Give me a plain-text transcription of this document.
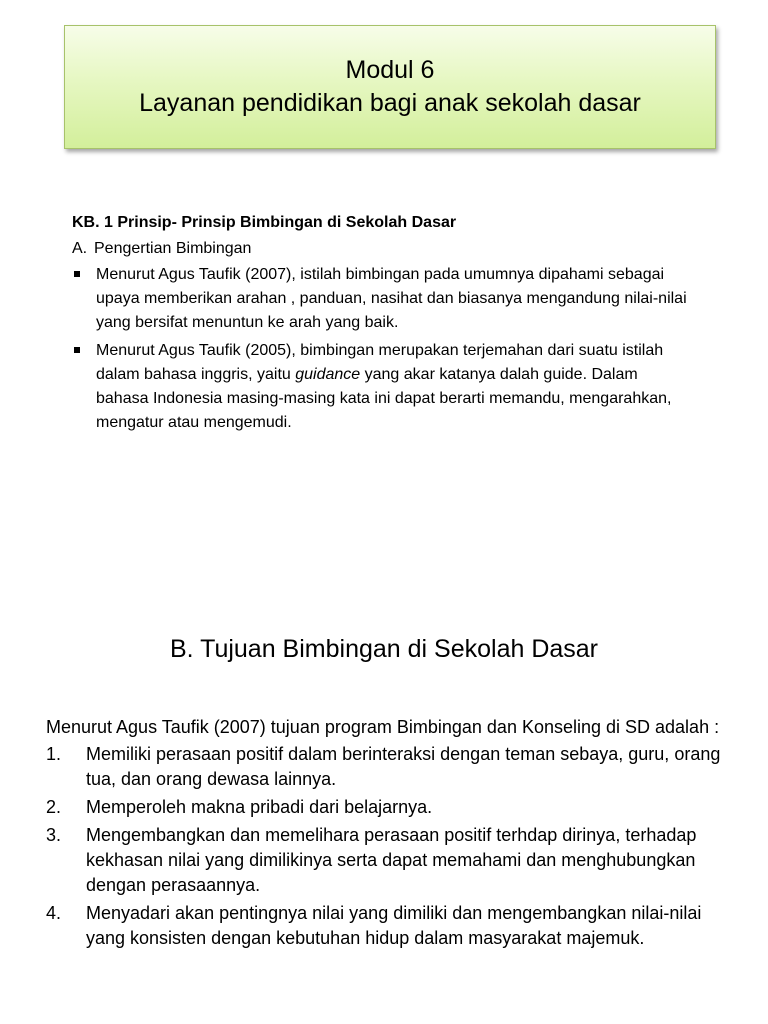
Modul 6
Layanan pendidikan bagi anak sekolah dasar
KB. 1 Prinsip- Prinsip Bimbingan di Sekolah Dasar
A. Pengertian Bimbingan
Menurut Agus Taufik (2007), istilah bimbingan pada umumnya dipahami sebagai upaya memberikan arahan , panduan, nasihat dan biasanya mengandung nilai-nilai yang bersifat menuntun ke arah yang baik.
Menurut Agus Taufik (2005), bimbingan merupakan terjemahan dari suatu istilah dalam bahasa inggris, yaitu guidance yang akar katanya dalah guide. Dalam bahasa Indonesia masing-masing kata ini dapat berarti memandu, mengarahkan, mengatur atau mengemudi.
B. Tujuan Bimbingan di Sekolah Dasar
Menurut Agus Taufik (2007) tujuan program Bimbingan dan Konseling di SD adalah :
1.	Memiliki perasaan positif dalam berinteraksi dengan teman sebaya, guru, orang tua, dan orang dewasa lainnya.
2.	Memperoleh makna pribadi dari belajarnya.
3.	Mengembangkan dan memelihara perasaan positif terhdap dirinya, terhadap kekhasan nilai yang dimilikinya serta dapat memahami dan menghubungkan dengan perasaannya.
4.	Menyadari akan pentingnya nilai yang dimiliki dan mengembangkan nilai-nilai yang konsisten dengan kebutuhan hidup dalam masyarakat majemuk.
